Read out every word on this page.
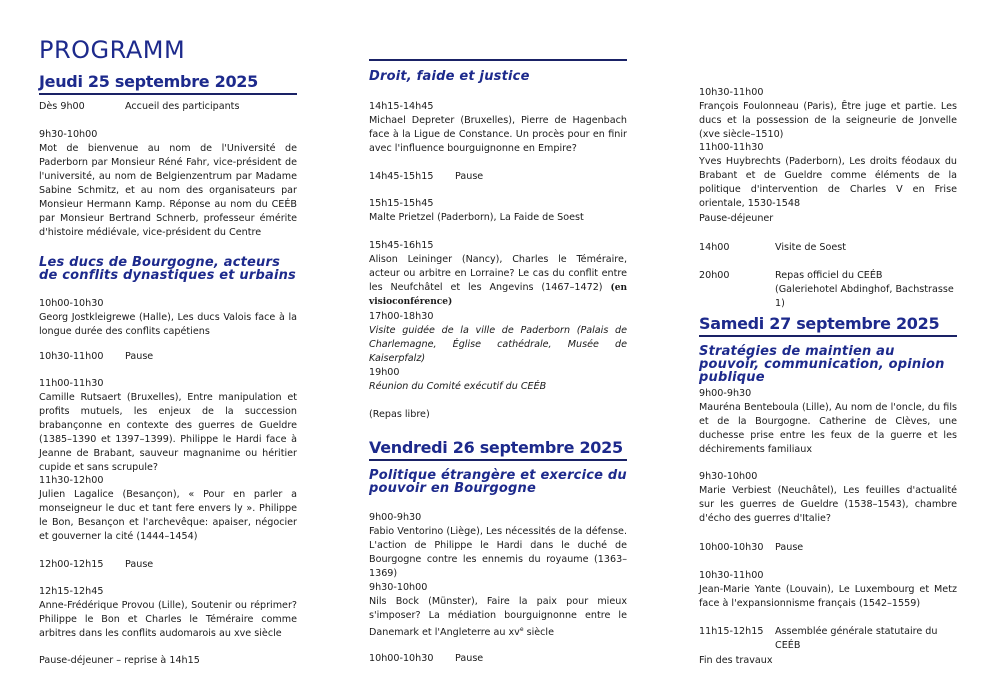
PROGRAMM
Jeudi 25 septembre 2025
Dès 9h00	Accueil des participants
9h30-10h00
Mot de bienvenue au nom de l'Université de Paderborn par Monsieur Réné Fahr, vice-président de l'université, au nom de Belgienzentrum par Madame Sabine Schmitz, et au nom des organisateurs par Monsieur Hermann Kamp. Réponse au nom du CEÉB par Monsieur Bertrand Schnerb, professeur émérite d'histoire médiévale, vice-président du Centre
Les ducs de Bourgogne, acteurs de conflits dynastiques et urbains
10h00-10h30
Georg Jostkleigrewe (Halle), Les ducs Valois face à la longue durée des conflits capétiens
10h30-11h00	Pause
11h00-11h30
Camille Rutsaert (Bruxelles), Entre manipulation et profits mutuels, les enjeux de la succession brabançonne en contexte des guerres de Gueldre (1385–1390 et 1397–1399). Philippe le Hardi face à Jeanne de Brabant, sauveur magnanime ou héritier cupide et sans scrupule?
11h30-12h00
Julien Lagalice (Besançon), « Pour en parler a monseigneur le duc et tant fere envers ly ». Philippe le Bon, Besançon et l'archevêque: apaiser, négocier et gouverner la cité (1444–1454)
12h00-12h15	Pause
12h15-12h45
Anne-Frédérique Provou (Lille), Soutenir ou réprimer? Philippe le Bon et Charles le Téméraire comme arbitres dans les conflits audomarois au xve siècle
Pause-déjeuner – reprise à 14h15
Droit, faide et justice
14h15-14h45
Michael Depreter (Bruxelles), Pierre de Hagenbach face à la Ligue de Constance. Un procès pour en finir avec l'influence bourguignonne en Empire?
14h45-15h15	Pause
15h15-15h45
Malte Prietzel (Paderborn), La Faide de Soest
15h45-16h15
Alison Leininger (Nancy), Charles le Téméraire, acteur ou arbitre en Lorraine? Le cas du conflit entre les Neufchâtel et les Angevins (1467–1472) (en visioconférence)
17h00-18h30
Visite guidée de la ville de Paderborn (Palais de Charlemagne, Église cathédrale, Musée de Kaiserpfalz)
19h00
Réunion du Comité exécutif du CEÉB
(Repas libre)
Vendredi 26 septembre 2025
Politique étrangère et exercice du pouvoir en Bourgogne
9h00-9h30
Fabio Ventorino (Liège), Les nécessités de la défense. L'action de Philippe le Hardi dans le duché de Bourgogne contre les ennemis du royaume (1363–1369)
9h30-10h00
Nils Bock (Münster), Faire la paix pour mieux s'imposer? La médiation bourguignonne entre le Danemark et l'Angleterre au $xv^e$ siècle
10h00-10h30	Pause
10h30-11h00
François Foulonneau (Paris), Être juge et partie. Les ducs et la possession de la seigneurie de Jonvelle (xve siècle–1510)
11h00-11h30
Yves Huybrechts (Paderborn), Les droits féodaux du Brabant et de Gueldre comme éléments de la politique d'intervention de Charles V en Frise orientale, 1530-1548
Pause-déjeuner
14h00	Visite de Soest
20h00	Repas officiel du CEÉB
(Galeriehotel Abdinghof, Bachstrasse 1)
Samedi 27 septembre 2025
Stratégies de maintien au pouvoir, communication, opinion publique
9h00-9h30
Mauréna Benteboula (Lille), Au nom de l'oncle, du fils et de la Bourgogne. Catherine de Clèves, une duchesse prise entre les feux de la guerre et les déchirements familiaux
9h30-10h00
Marie Verbiest (Neuchâtel), Les feuilles d'actualité sur les guerres de Gueldre (1538–1543), chambre d'écho des guerres d'Italie?
10h00-10h30	Pause
10h30-11h00
Jean-Marie Yante (Louvain), Le Luxembourg et Metz face à l'expansionnisme français (1542–1559)
11h15-12h15	Assemblée générale statutaire du CEÉB
Fin des travaux
